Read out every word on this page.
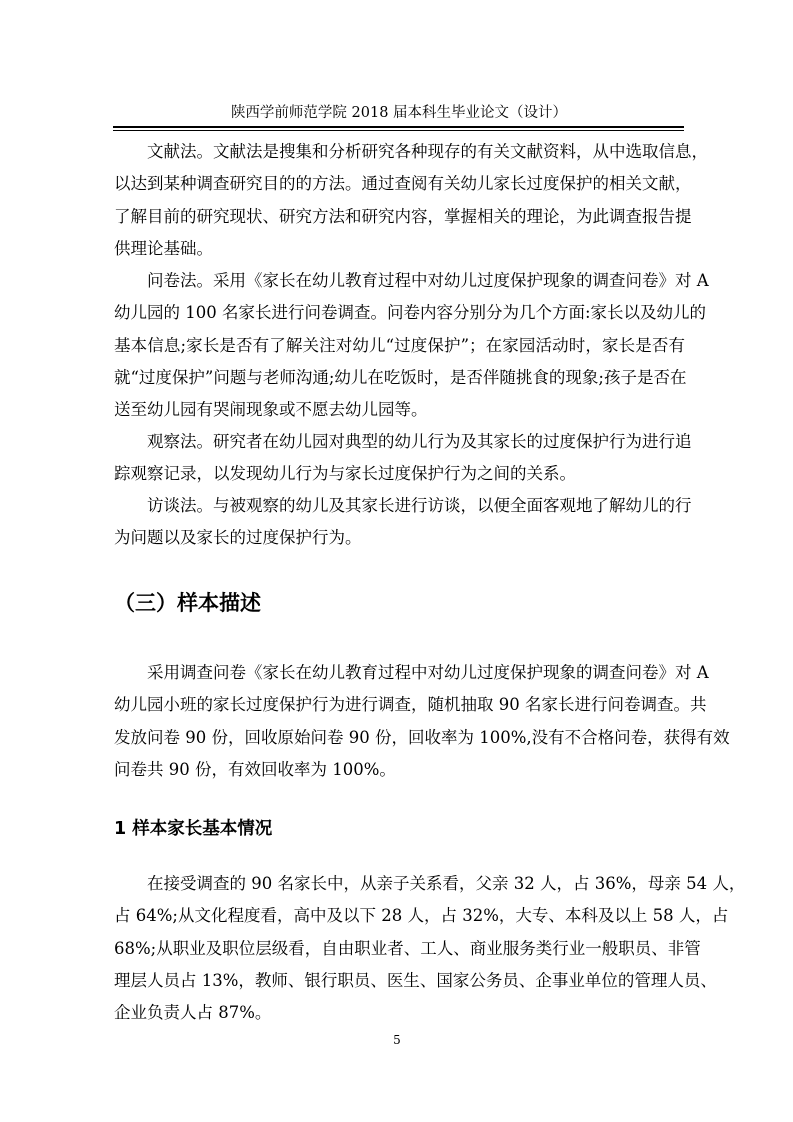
陕西学前师范学院 2018 届本科生毕业论文（设计）
文献法。文献法是搜集和分析研究各种现存的有关文献资料，从中选取信息，
以达到某种调查研究目的的方法。通过查阅有关幼儿家长过度保护的相关文献，
了解目前的研究现状、研究方法和研究内容，掌握相关的理论，为此调查报告提
供理论基础。
问卷法。采用《家长在幼儿教育过程中对幼儿过度保护现象的调查问卷》对 A
幼儿园的 100 名家长进行问卷调查。问卷内容分别分为几个方面:家长以及幼儿的
基本信息;家长是否有了解关注对幼儿“过度保护”；在家园活动时，家长是否有
就“过度保护”问题与老师沟通;幼儿在吃饭时，是否伴随挑食的现象;孩子是否在
送至幼儿园有哭闹现象或不愿去幼儿园等。
观察法。研究者在幼儿园对典型的幼儿行为及其家长的过度保护行为进行追
踪观察记录，以发现幼儿行为与家长过度保护行为之间的关系。
访谈法。与被观察的幼儿及其家长进行访谈，以便全面客观地了解幼儿的行
为问题以及家长的过度保护行为。
（三）样本描述
采用调查问卷《家长在幼儿教育过程中对幼儿过度保护现象的调查问卷》对 A
幼儿园小班的家长过度保护行为进行调查，随机抽取 90 名家长进行问卷调查。共
发放问卷 90 份，回收原始问卷 90 份，回收率为 100%,没有不合格问卷，获得有效
问卷共 90 份，有效回收率为 100%。
1 样本家长基本情况
在接受调查的 90 名家长中，从亲子关系看，父亲 32 人，占 36%，母亲 54 人，
占 64%;从文化程度看，高中及以下 28 人，占 32%，大专、本科及以上 58 人，占
68%;从职业及职位层级看，自由职业者、工人、商业服务类行业一般职员、非管
理层人员占 13%，教师、银行职员、医生、国家公务员、企事业单位的管理人员、
企业负责人占 87%。
5
